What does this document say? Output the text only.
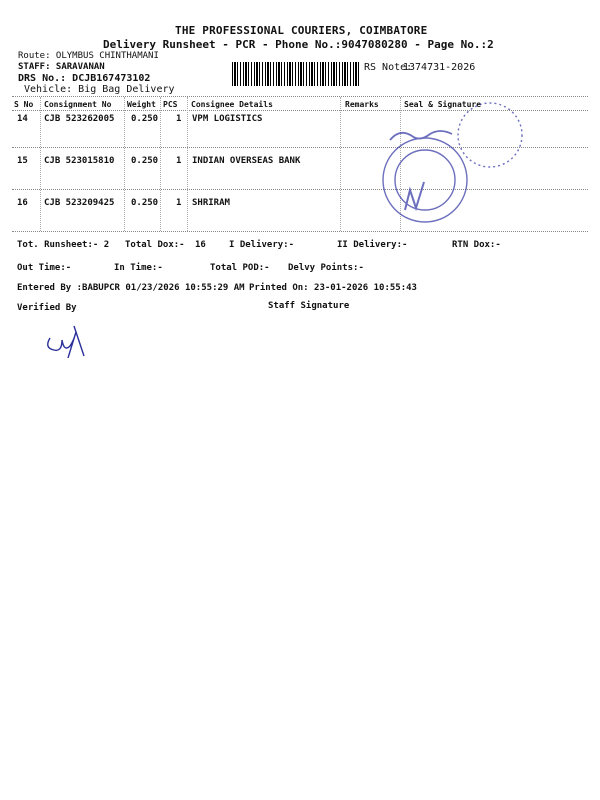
THE PROFESSIONAL COURIERS, COIMBATORE
Delivery Runsheet - PCR - Phone No.:9047080280 - Page No.:2
Route: OLYMBUS CHINTHAMANI
STAFF: SARAVANAN
DRS No.: DCJB167473102
Vehicle: Big Bag Delivery
RS Note:
1374731-2026
S No Consignment No Weight PCS Consignee Details	Remarks	Seal & Signature
14 CJB 523262005 0.250 1 VPM LOGISTICS
15 CJB 523015810 0.250 1 INDIAN OVERSEAS BANK
16 CJB 523209425 0.250 1 SHRIRAM
Tot. Runsheet:- 2 Total Dox:- 16	I Delivery:-	II Delivery:-	RTN Dox:-
Out Time:-	In Time:-	Total POD:- Delvy Points:-
Entered By :BABUPCR 01/23/2026 10:55:29 AM Printed On: 23-01-2026 10:55:43
Verified By	Staff Signature
